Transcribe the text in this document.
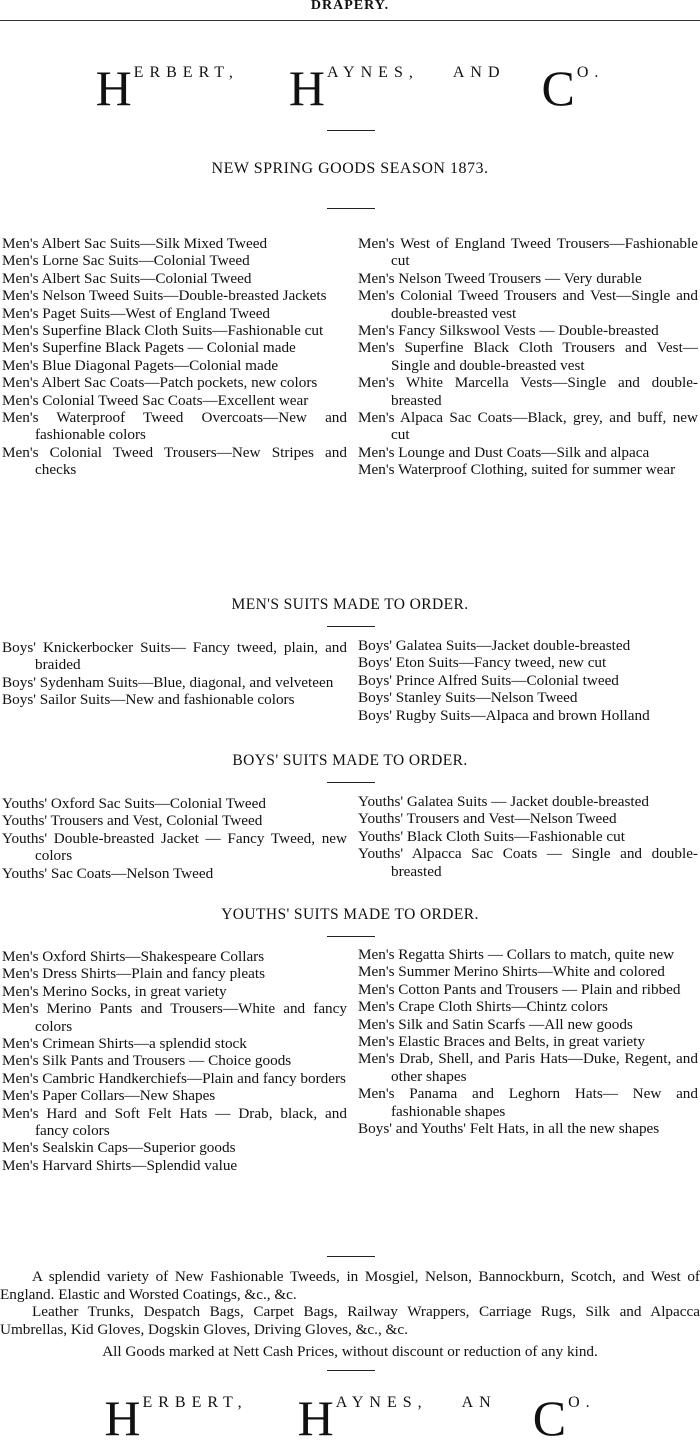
DRAPERY.
H ERBERT, H AYNES, AND C O.
NEW SPRING GOODS SEASON 1873.

Men's Albert Sac Suits—Silk Mixed Tweed

Men's Lorne Sac Suits—Colonial Tweed

Men's Albert Sac Suits—Colonial Tweed

Men's Nelson Tweed Suits—Double-breasted Jackets

Men's Paget Suits—West of England Tweed

Men's Superfine Black Cloth Suits—Fashionable cut

Men's Superfine Black Pagets — Colonial made

Men's Blue Diagonal Pagets—Colonial made

Men's Albert Sac Coats—Patch pockets, new colors

Men's Colonial Tweed Sac Coats—Excellent wear

Men's Waterproof Tweed Overcoats—New and fashionable colors

Men's Colonial Tweed Trousers—New Stripes and checks

Men's West of England Tweed Trousers—Fashionable cut

Men's Nelson Tweed Trousers — Very durable

Men's Colonial Tweed Trousers and Vest—Single and double-breasted vest

Men's Fancy Silkswool Vests — Double-breasted

Men's Superfine Black Cloth Trousers and Vest—Single and double-breasted vest

Men's White Marcella Vests—Single and double-breasted

Men's Alpaca Sac Coats—Black, grey, and buff, new cut

Men's Lounge and Dust Coats—Silk and alpaca

Men's Waterproof Clothing, suited for summer wear

MEN'S SUITS MADE TO ORDER.

Boys' Knickerbocker Suits— Fancy tweed, plain, and braided

Boys' Sydenham Suits—Blue, diagonal, and velveteen

Boys' Sailor Suits—New and fashionable colors

Boys' Galatea Suits—Jacket double-breasted

Boys' Eton Suits—Fancy tweed, new cut

Boys' Prince Alfred Suits—Colonial tweed

Boys' Stanley Suits—Nelson Tweed

Boys' Rugby Suits—Alpaca and brown Holland

BOYS' SUITS MADE TO ORDER.

Youths' Oxford Sac Suits—Colonial Tweed

Youths' Trousers and Vest, Colonial Tweed

Youths' Double-breasted Jacket — Fancy Tweed, new colors

Youths' Sac Coats—Nelson Tweed

Youths' Galatea Suits — Jacket double-breasted

Youths' Trousers and Vest—Nelson Tweed

Youths' Black Cloth Suits—Fashionable cut

Youths' Alpacca Sac Coats — Single and double-breasted

YOUTHS' SUITS MADE TO ORDER.

Men's Oxford Shirts—Shakespeare Collars

Men's Dress Shirts—Plain and fancy pleats

Men's Merino Socks, in great variety

Men's Merino Pants and Trousers—White and fancy colors

Men's Crimean Shirts—a splendid stock

Men's Silk Pants and Trousers — Choice goods

Men's Cambric Handkerchiefs—Plain and fancy borders

Men's Paper Collars—New Shapes

Men's Hard and Soft Felt Hats — Drab, black, and fancy colors

Men's Sealskin Caps—Superior goods

Men's Harvard Shirts—Splendid value

Men's Regatta Shirts — Collars to match, quite new

Men's Summer Merino Shirts—White and colored

Men's Cotton Pants and Trousers — Plain and ribbed

Men's Crape Cloth Shirts—Chintz colors

Men's Silk and Satin Scarfs —All new goods

Men's Elastic Braces and Belts, in great variety

Men's Drab, Shell, and Paris Hats—Duke, Regent, and other shapes

Men's Panama and Leghorn Hats— New and fashionable shapes

Boys' and Youths' Felt Hats, in all the new shapes

A splendid variety of New Fashionable Tweeds, in Mosgiel, Nelson, Bannockburn, Scotch, and West of England. Elastic and Worsted Coatings, &c., &c.

Leather Trunks, Despatch Bags, Carpet Bags, Railway Wrappers, Carriage Rugs, Silk and Alpacca Umbrellas, Kid Gloves, Dogskin Gloves, Driving Gloves, &c., &c.

All Goods marked at Nett Cash Prices, without discount or reduction of any kind.
H ERBERT, H AYNES, AN C O.
